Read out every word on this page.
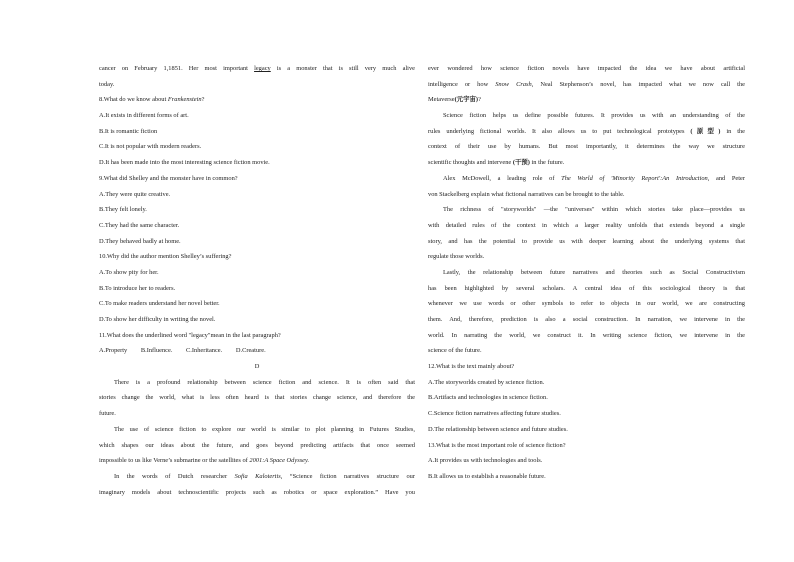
cancer on February 1,1851. Her most important legacy is a monster that is still very much alive
today.
8.What do we know about Frankenstein?
A.It exists in different forms of art.
B.It is romantic fiction
C.It is not popular with modern readers.
D.It has been made into the most interesting science fiction movie.
9.What did Shelley and the monster have in common?
A.They were quite creative.
B.They felt lonely.
C.They had the same character.
D.They behaved badly at home.
10.Why did the author mention Shelley’s suffering?
A.To show pity for her.
B.To introduce her to readers.
C.To make readers understand her novel better.
D.To show her difficulty in writing the novel.
11.What does the underlined word "legacy"mean in the last paragraph?
A.Property B.Influence. C.Inheritance. D.Creature.
D
There is a profound relationship between science fiction and science. It is often said that
stories change the world, what is less often heard is that stories change science, and therefore the
future.
The use of science fiction to explore our world is similar to plot planning in Futures Studies,
which shapes our ideas about the future, and goes beyond predicting artifacts that once seemed
impossible to us like Verne’s submarine or the satellites of 2001:A Space Odyssey.
In the words of Dutch researcher Sofia Kalotertis, “Science fiction narratives structure our
imaginary models about technoscientific projects such as robotics or space exploration.” Have you
ever wondered how science fiction novels have impacted the idea we have about artificial
intelligence or how Snow Crash, Neal Stephenson’s novel, has impacted what we now call the
Metaverse(元宇宙)?
Science fiction helps us define possible futures. It provides us with an understanding of the
rules underlying fictional worlds. It also allows us to put technological prototypes (原型) in the
context of their use by humans. But most importantly, it determines the way we structure
scientific thoughts and intervene (干预) in the future.
Alex McDowell, a leading role of The World of 'Minority Report':An Introduction, and Peter
von Stackelberg explain what fictional narratives can be brought to the table.
The richness of "storyworlds" —the "universes" within which stories take place—provides us
with detailed rules of the context in which a larger reality unfolds that extends beyond a single
story, and has the potential to provide us with deeper learning about the underlying systems that
regulate those worlds.
Lastly, the relationship between future narratives and theories such as Social Constructivism
has been highlighted by several scholars. A central idea of this sociological theory is that
whenever we use words or other symbols to refer to objects in our world, we are constructing
them. And, therefore, prediction is also a social construction. In narration, we intervene in the
world. In narrating the world, we construct it. In writing science fiction, we intervene in the
science of the future.
12.What is the text mainly about?
A.The storyworlds created by science fiction.
B.Artifacts and technologies in science fiction.
C.Science fiction narratives affecting future studies.
D.The relationship between science and future studies.
13.What is the most important role of science fiction?
A.It provides us with technologies and tools.
B.It allows us to establish a reasonable future.
